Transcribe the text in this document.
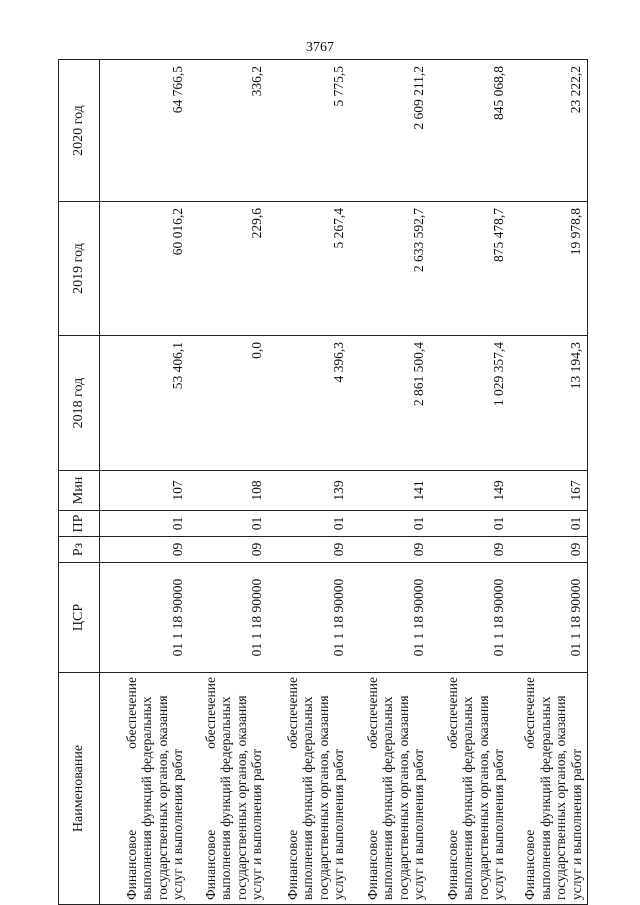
3767
Наименование	ЦСР	Рз	ПР	Мин	2018 год	2019 год	2020 год

Финансовое
обеспечение выполнения функций федеральных государственных органов, оказания услуг и выполнения работ	01 1 18 90000	09	01	107	53 406,1	60 016,2	64 766,5

Финансовое
обеспечение выполнения функций федеральных государственных органов, оказания услуг и выполнения работ	01 1 18 90000	09	01	108	0,0	229,6	336,2

Финансовое
обеспечение выполнения функций федеральных государственных органов, оказания услуг и выполнения работ	01 1 18 90000	09	01	139	4 396,3	5 267,4	5 775,5

Финансовое
обеспечение выполнения функций федеральных государственных органов, оказания услуг и выполнения работ	01 1 18 90000	09	01	141	2 861 500,4	2 633 592,7	2 609 211,2

Финансовое
обеспечение выполнения функций федеральных государственных органов, оказания услуг и выполнения работ	01 1 18 90000	09	01	149	1 029 357,4	875 478,7	845 068,8

Финансовое
обеспечение выполнения функций федеральных государственных органов, оказания услуг и выполнения работ	01 1 18 90000	09	01	167	13 194,3	19 978,8	23 222,2
